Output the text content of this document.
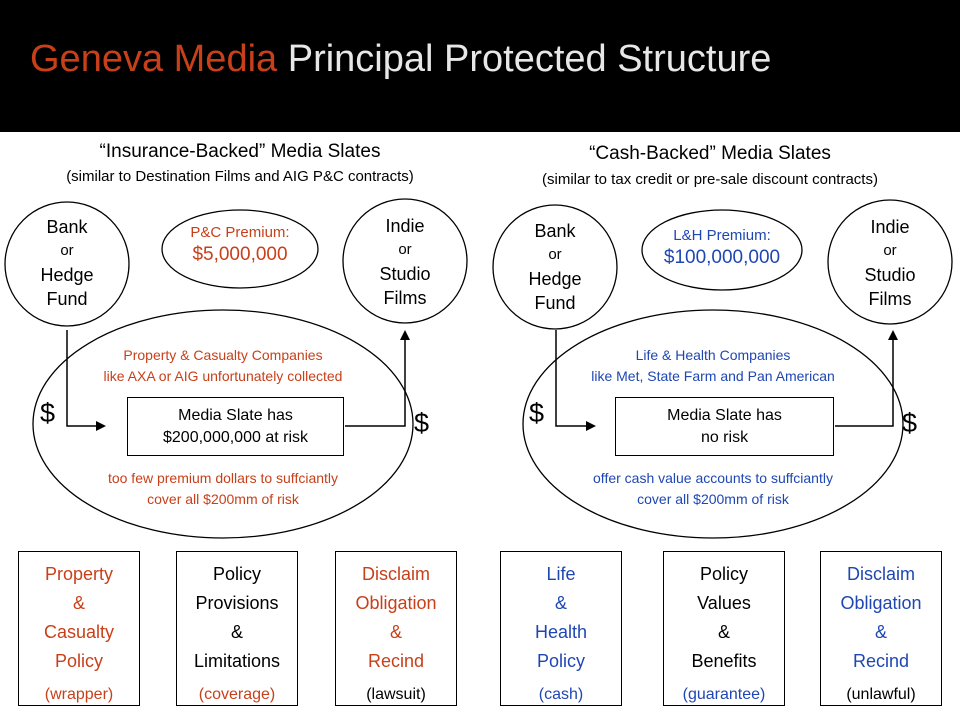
Geneva Media Principal Protected Structure
“Insurance-Backed” Media Slates
(similar to Destination Films and AIG P&C contracts)
Bank
or
Hedge
Fund
P&C Premium:
$5,000,000
Indie
or
Studio
Films
Property & Casualty Companies
like AXA or AIG unfortunately collected
Media Slate has
$200,000,000 at risk
$	$
too few premium dollars to suffciantly
cover all $200mm of risk
Property
&
Casualty
Policy
(wrapper)
Policy
Provisions
&
Limitations
(coverage)
Disclaim
Obligation
&
Recind
(lawsuit)
“Cash-Backed” Media Slates
(similar to tax credit or pre-sale discount contracts)
Bank
or
Hedge
Fund
L&H Premium:
$100,000,000
Indie
or
Studio
Films
Life & Health Companies
like Met, State Farm and Pan American
Media Slate has
no risk
$	$
offer cash value accounts to suffciantly
cover all $200mm of risk
Life
&
Health
Policy
(cash)
Policy
Values
&
Benefits
(guarantee)
Disclaim
Obligation
&
Recind
(unlawful)
